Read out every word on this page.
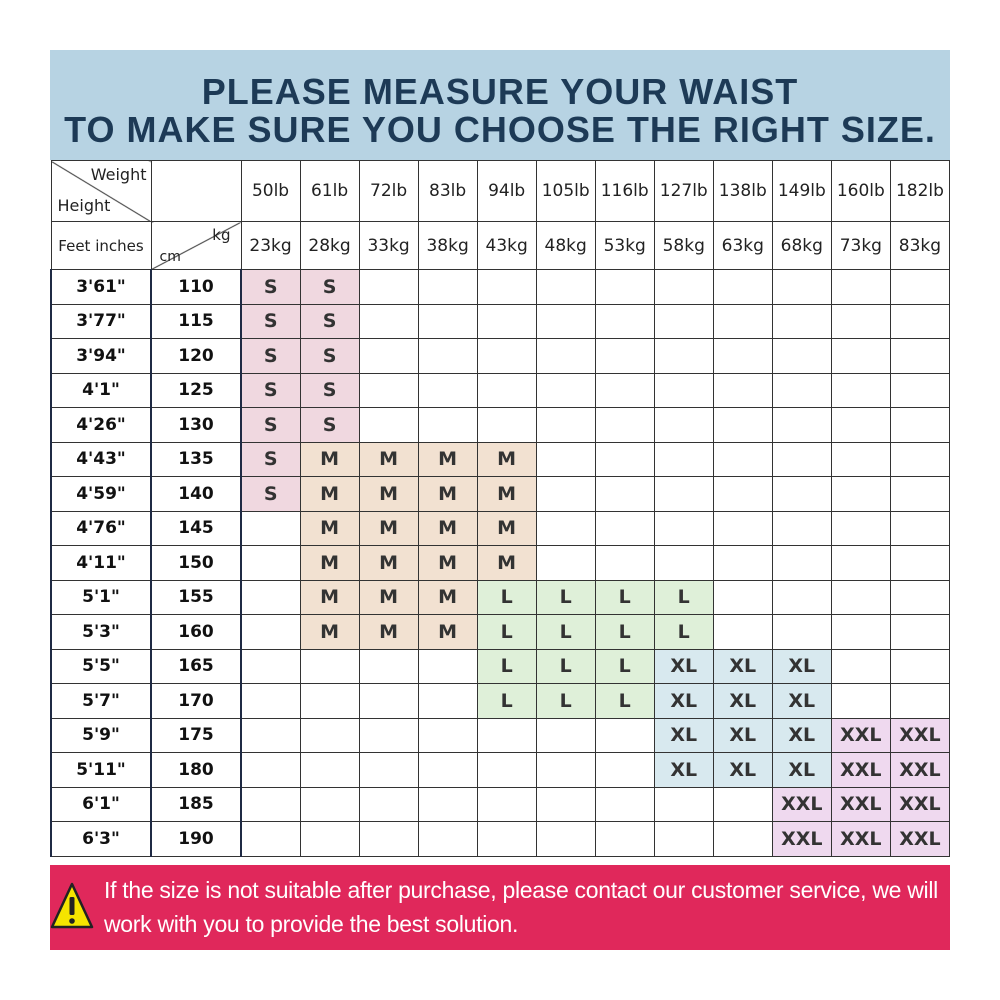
PLEASE MEASURE YOUR WAIST
TO MAKE SURE YOU CHOOSE THE RIGHT SIZE.
Weight
Height		50lb	61lb	72lb	83lb	94lb	105lb	116lb	127lb	138lb	149lb	160lb	182lb
Feet inches	kg
cm	23kg	28kg	33kg	38kg	43kg	48kg	53kg	58kg	63kg	68kg	73kg	83kg
3'61"	110	S	S										
3'77"	115	S	S										
3'94"	120	S	S										
4'1"	125	S	S										
4'26"	130	S	S										
4'43"	135	S	M	M	M	M							
4'59"	140	S	M	M	M	M							
4'76"	145		M	M	M	M							
4'11"	150		M	M	M	M							
5'1"	155		M	M	M	L	L	L	L				
5'3"	160		M	M	M	L	L	L	L				
5'5"	165					L	L	L	XL	XL	XL		
5'7"	170					L	L	L	XL	XL	XL		
5'9"	175								XL	XL	XL	XXL	XXL
5'11"	180								XL	XL	XL	XXL	XXL
6'1"	185										XXL	XXL	XXL
6'3"	190										XXL	XXL	XXL
If the size is not suitable after purchase, please contact our customer service, we will work with you to provide the best solution.
